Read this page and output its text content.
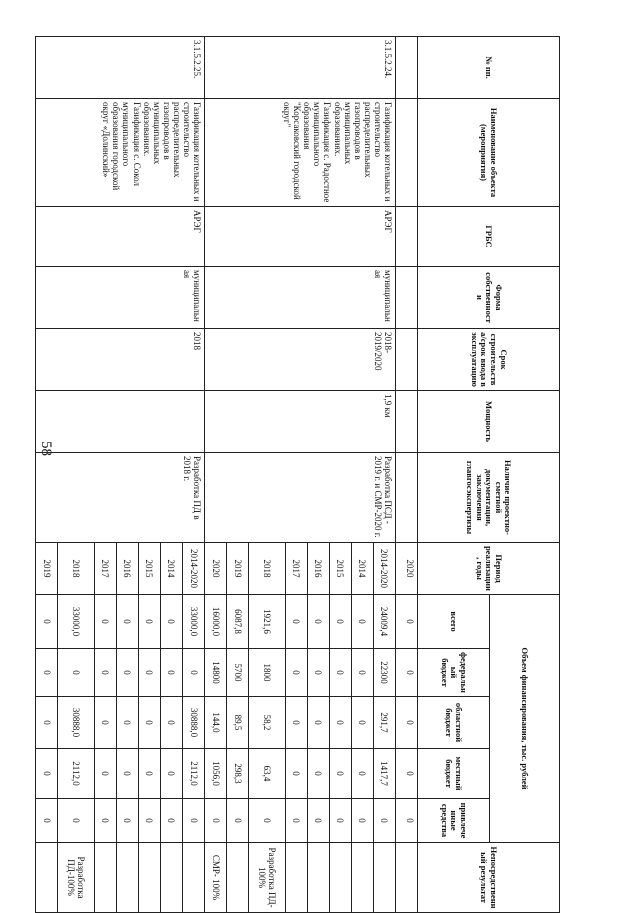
58
№ пп.	Наименование объекта (мероприятия)	ГРБС	Форма собственности	Срок строительства/срок ввода в эксплуатацию	Мощность	Наличие проектно-сметной документации, заключения главгосэкспертизы	Период реализации, годы	Объем финансирования, тыс. рублей					Непосредственный результат
								всего	федеральный бюджет	областной бюджет	местный бюджет	привлеченные средства	
							2020	0	0	0	0	0	
3.1.5.2.24.	Газификация котельных и строительство распределительных газопроводов в муниципальных образованиях. Газификация с. Радостное муниципального образования "Корсаковский городской округ"	АРЭГ	муниципальная	2018-2019/2020	1,9 км	Разработка ПСД - 2019 г. и СМР-2020 г.	2014-2020	24009,4	22300	291,7	1417,7	0	
							2014	0	0	0	0	0	
							2015	0	0	0	0	0	
							2016	0	0	0	0	0	
							2017	0	0	0	0	0	
							2018	1921,6	1800	58,2	63,4	0	Разработка ПД- 100%
							2019	6087,8	5700	89,5	298,3	0	
							2020	16000,0	14800	144,0	1056,0	0	СМР- 100%
3.1.5.2.25.	Газификация котельных и строительство распределительных газопроводов в муниципальных образованиях. Газификация с. Сокол муниципального образования городской округ «Долинский»	АРЭГ	муниципальная	2018		Разработка ПД в 2018 г.	2014-2020	33000,0	0	30888,0	2112,0	0	
							2014	0	0	0	0	0	
							2015	0	0	0	0	0	
							2016	0	0	0	0	0	
							2017	0	0	0	0	0	
							2018	33000,0	0	30888,0	2112,0	0	Разработка ПД-100%
							2019	0	0	0	0	0	
